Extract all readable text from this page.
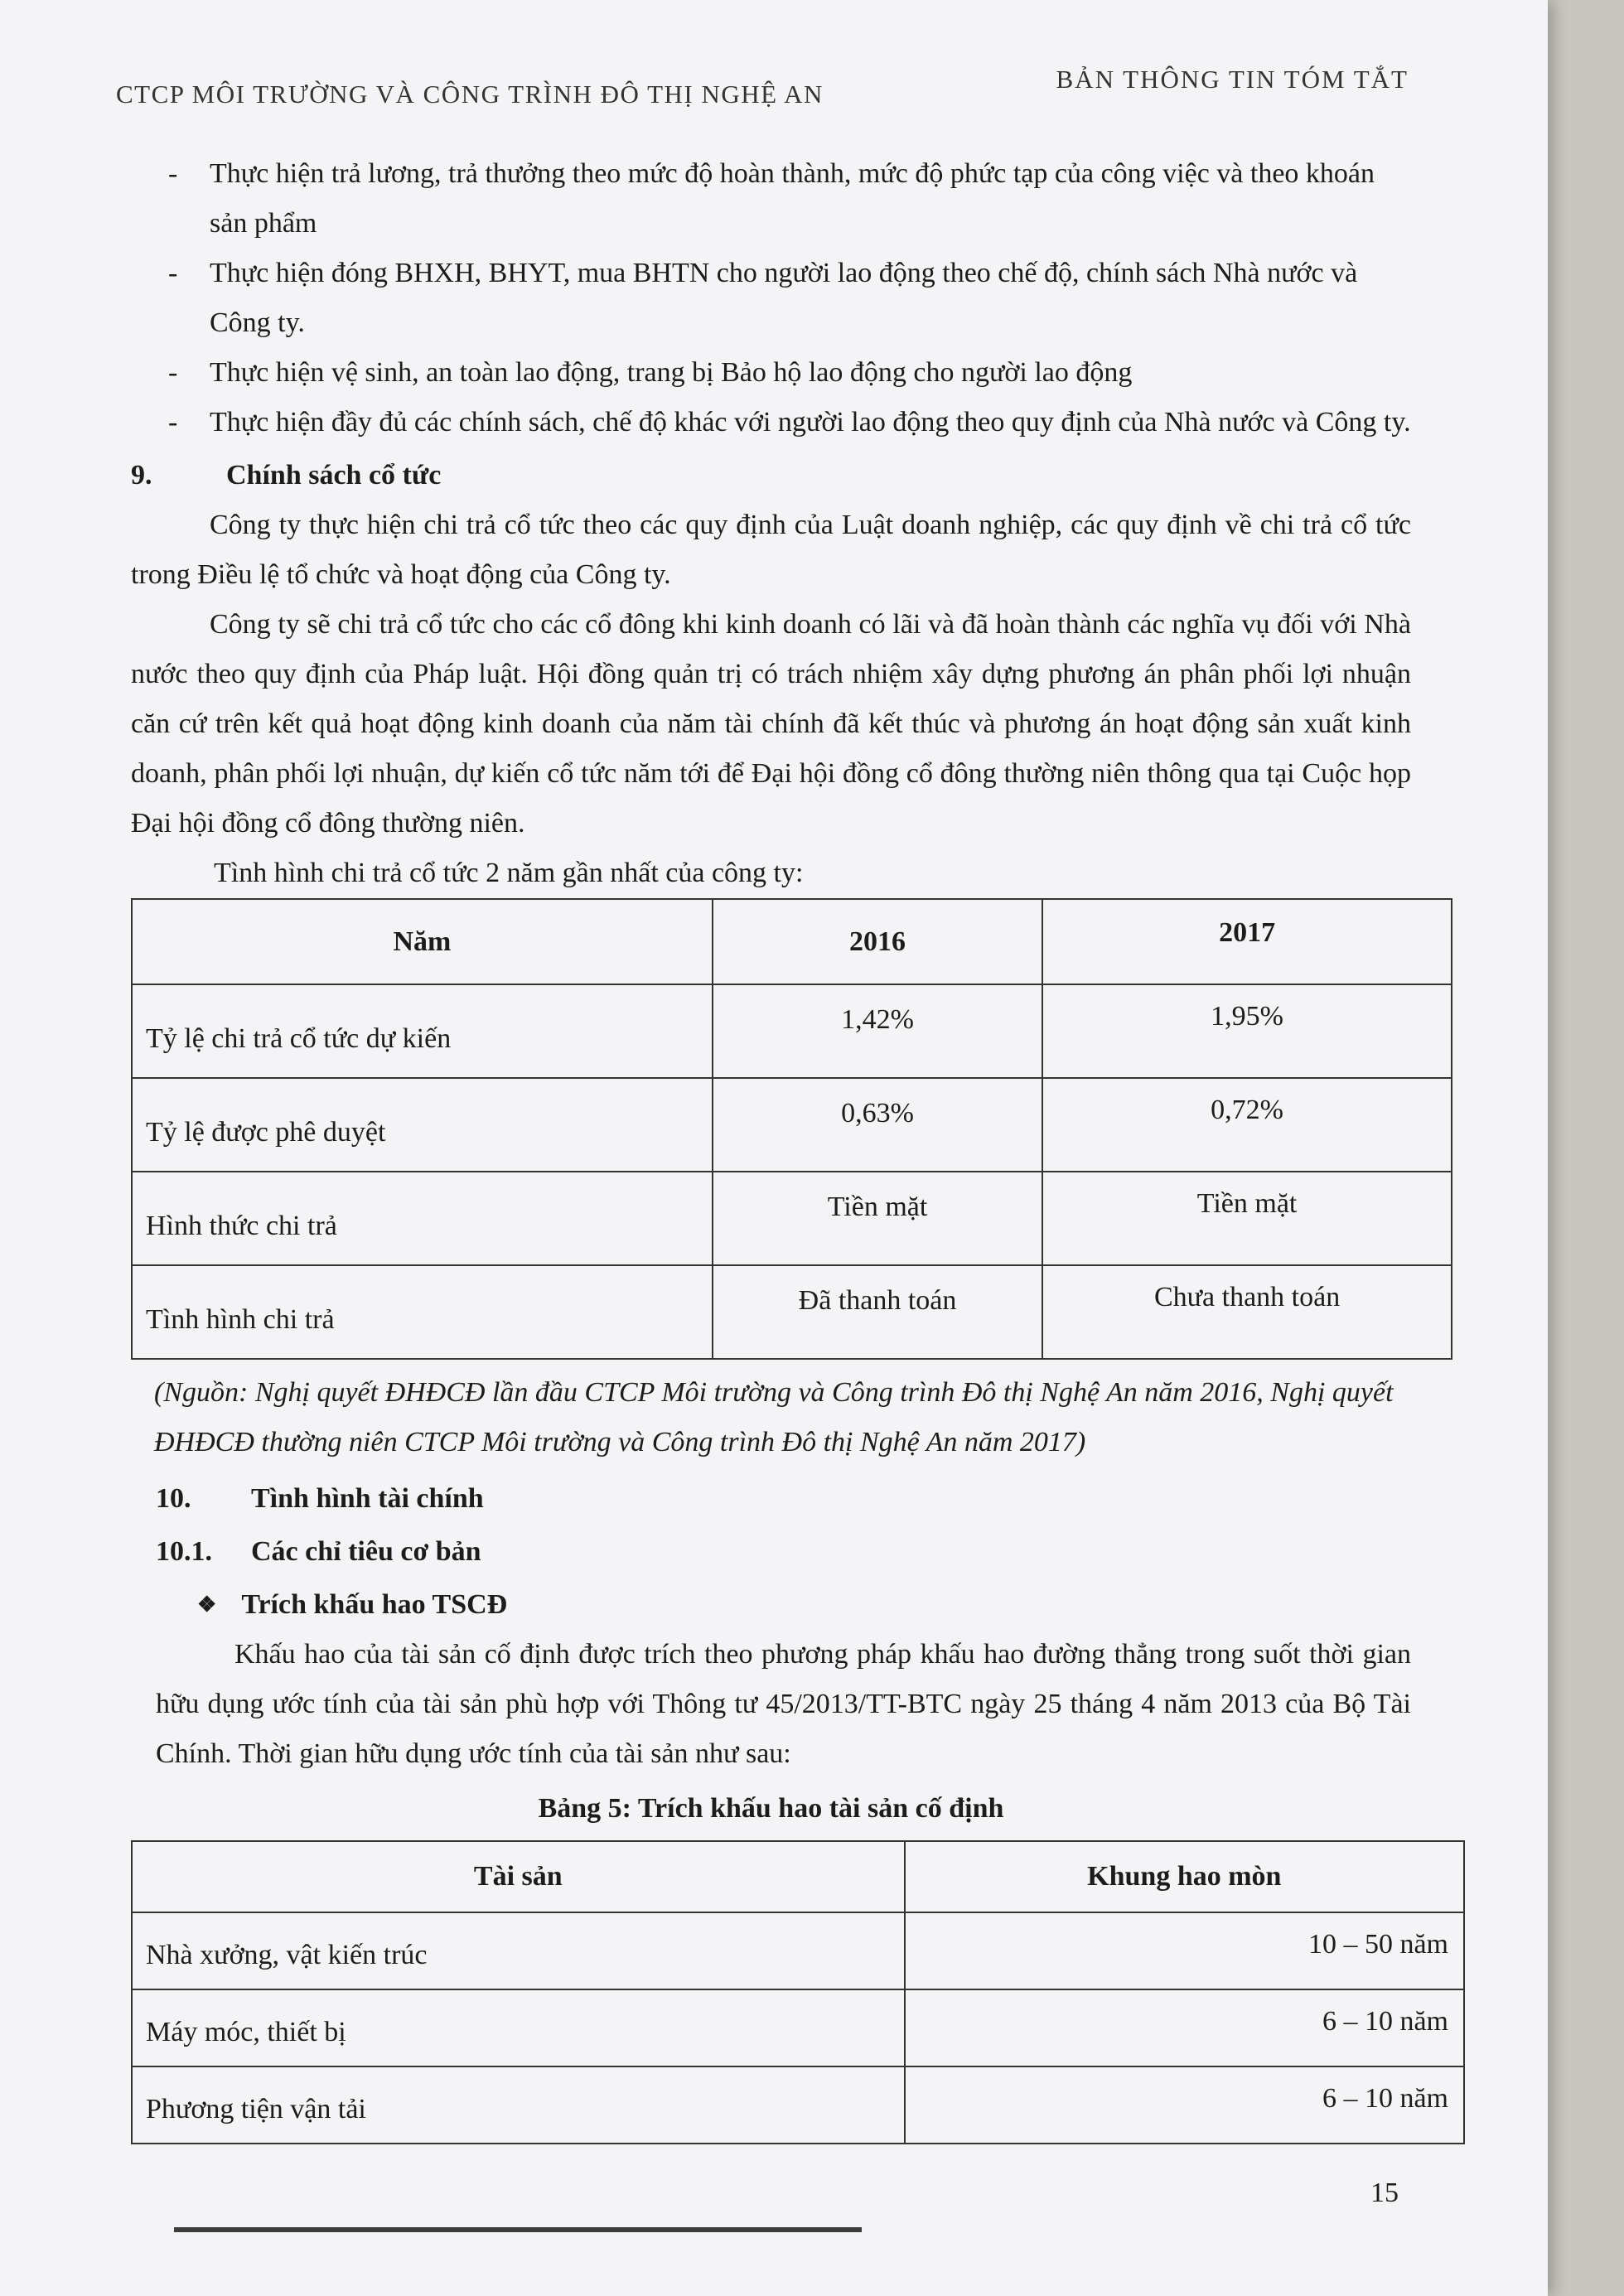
CTCP MÔI TRƯỜNG VÀ CÔNG TRÌNH ĐÔ THỊ NGHỆ AN
BẢN THÔNG TIN TÓM TẮT
-	Thực hiện trả lương, trả thưởng theo mức độ hoàn thành, mức độ phức tạp của công việc và theo khoán sản phẩm
-	Thực hiện đóng BHXH, BHYT, mua BHTN cho người lao động theo chế độ, chính sách Nhà nước và Công ty.
-	Thực hiện vệ sinh, an toàn lao động, trang bị Bảo hộ lao động cho người lao động
-	Thực hiện đầy đủ các chính sách, chế độ khác với người lao động theo quy định của Nhà nước và Công ty.
9.	Chính sách cổ tức
Công ty thực hiện chi trả cổ tức theo các quy định của Luật doanh nghiệp, các quy định về chi trả cổ tức trong Điều lệ tổ chức và hoạt động của Công ty.
Công ty sẽ chi trả cổ tức cho các cổ đông khi kinh doanh có lãi và đã hoàn thành các nghĩa vụ đối với Nhà nước theo quy định của Pháp luật. Hội đồng quản trị có trách nhiệm xây dựng phương án phân phối lợi nhuận căn cứ trên kết quả hoạt động kinh doanh của năm tài chính đã kết thúc và phương án hoạt động sản xuất kinh doanh, phân phối lợi nhuận, dự kiến cổ tức năm tới để Đại hội đồng cổ đông thường niên thông qua tại Cuộc họp Đại hội đồng cổ đông thường niên.
Tình hình chi trả cổ tức 2 năm gần nhất của công ty:
Năm	2016	2017
Tỷ lệ chi trả cổ tức dự kiến	1,42%	1,95%
Tỷ lệ được phê duyệt	0,63%	0,72%
Hình thức chi trả	Tiền mặt	Tiền mặt
Tình hình chi trả	Đã thanh toán	Chưa thanh toán
(Nguồn: Nghị quyết ĐHĐCĐ lần đầu CTCP Môi trường và Công trình Đô thị Nghệ An năm 2016, Nghị quyết ĐHĐCĐ thường niên CTCP Môi trường và Công trình Đô thị Nghệ An năm 2017)
10.	Tình hình tài chính
10.1.	Các chỉ tiêu cơ bản
❖ Trích khấu hao TSCĐ
Khấu hao của tài sản cố định được trích theo phương pháp khấu hao đường thẳng trong suốt thời gian hữu dụng ước tính của tài sản phù hợp với Thông tư 45/2013/TT-BTC ngày 25 tháng 4 năm 2013 của Bộ Tài Chính. Thời gian hữu dụng ước tính của tài sản như sau:
Bảng 5: Trích khấu hao tài sản cố định
Tài sản	Khung hao mòn
Nhà xưởng, vật kiến trúc	10 – 50 năm
Máy móc, thiết bị	6 – 10 năm
Phương tiện vận tải	6 – 10 năm
15
